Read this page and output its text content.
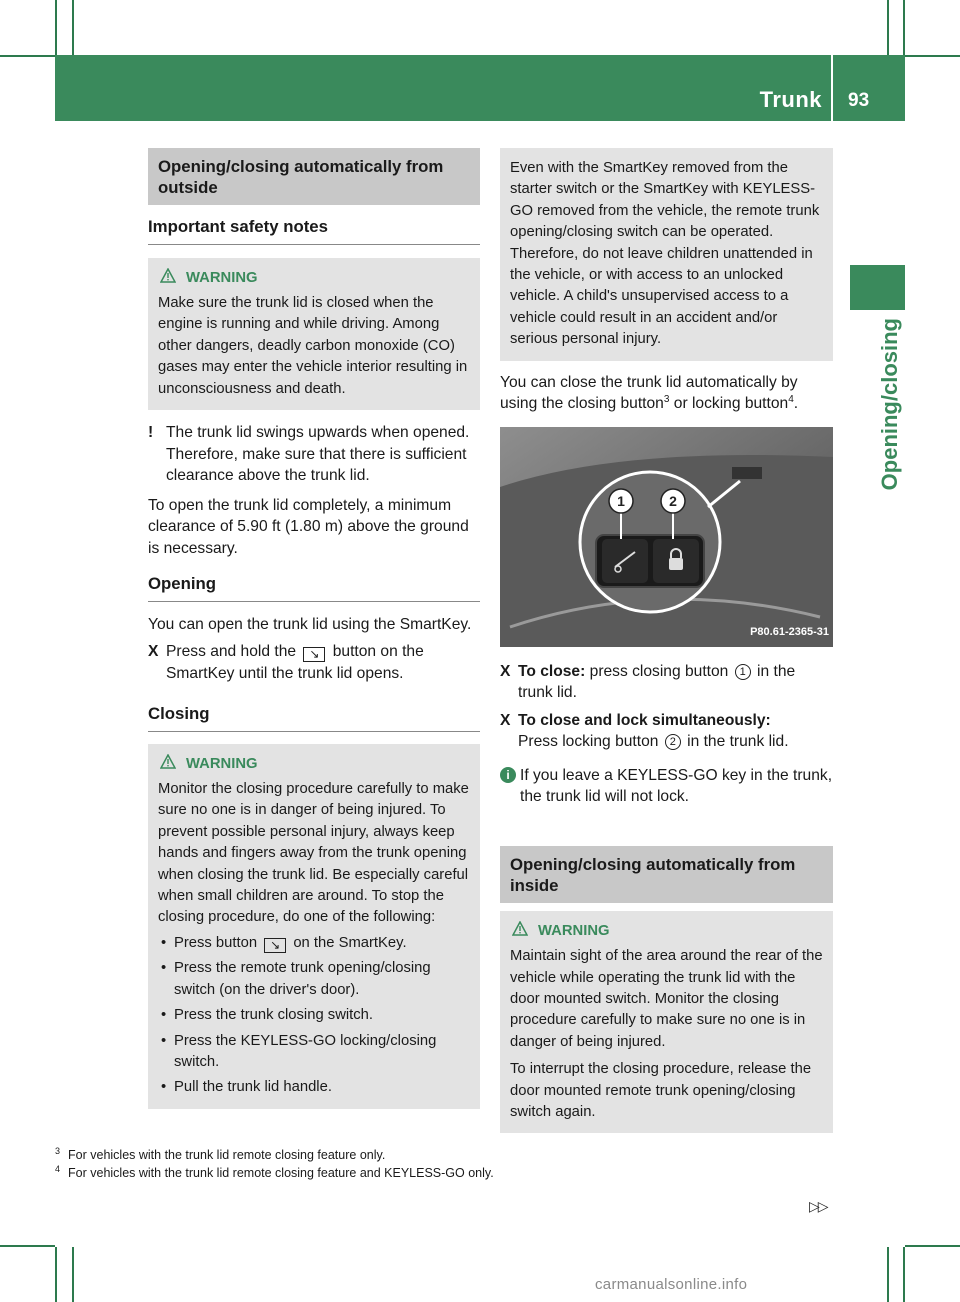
Trunk 93
Opening/closing
Opening/closing automatically from outside
Important safety notes
WARNING

Make sure the trunk lid is closed when the engine is running and while driving. Among other dangers, deadly carbon monoxide (CO) gases may enter the vehicle interior resulting in unconsciousness and death.

! The trunk lid swings upwards when opened. Therefore, make sure that there is sufficient clearance above the trunk lid.

To open the trunk lid completely, a minimum clearance of 5.90 ft (1.80 m) above the ground is necessary.

Opening

You can open the trunk lid using the SmartKey.

X Press and hold the ↘ button on the SmartKey until the trunk lid opens.
Closing
WARNING

Monitor the closing procedure carefully to make sure no one is in danger of being injured. To prevent possible personal injury, always keep hands and fingers away from the trunk opening when closing the trunk lid. Be especially careful when small children are around. To stop the closing procedure, do one of the following:

• Press button ↘ on the SmartKey.
• Press the remote trunk opening/closing switch (on the driver's door).
• Press the trunk closing switch.
• Press the KEYLESS-GO locking/closing switch.
• Pull the trunk lid handle.

Even with the SmartKey removed from the starter switch or the SmartKey with KEYLESS-GO removed from the vehicle, the remote trunk opening/closing switch can be operated. Therefore, do not leave children unattended in the vehicle, or with access to an unlocked vehicle. A child's unsupervised access to a vehicle could result in an accident and/or serious personal injury.

You can close the trunk lid automatically by using the closing button$^3$ or locking button$^4$.

1	2
P80.61-2365-31
X To close: press closing button 1 in the trunk lid.
X To close and lock simultaneously:
Press locking button 2 in the trunk lid.
i If you leave a KEYLESS-GO key in the trunk, the trunk lid will not lock.
Opening/closing automatically from inside
WARNING

Maintain sight of the area around the rear of the vehicle while operating the trunk lid with the door mounted switch. Monitor the closing procedure carefully to make sure no one is in danger of being injured.

To interrupt the closing procedure, release the door mounted remote trunk opening/closing switch again.

$^3$ For vehicles with the trunk lid remote closing feature only.
$^4$ For vehicles with the trunk lid remote closing feature and KEYLESS-GO only.
▷▷
carmanualsonline.info
